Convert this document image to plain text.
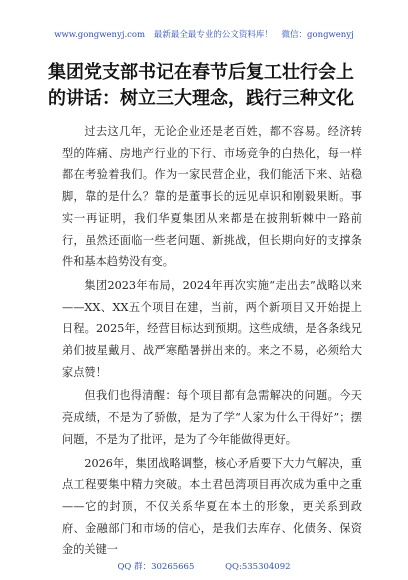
www.gongwenyj.com 最新最全最专业的公文资料库！ 微信：gongwenyj
集团党支部书记在春节后复工壮行会上的讲话：树立三大理念，践行三种文化

过去这几年，无论企业还是老百姓，都不容易。经济转型的阵痛、房地产行业的下行、市场竞争的白热化，每一样都在考验着我们。作为一家民营企业，我们能活下来、站稳脚，靠的是什么？靠的是董事长的远见卓识和刚毅果断。事实一再证明，我们华夏集团从来都是在披荆斩棘中一路前行，虽然还面临一些老问题、新挑战，但长期向好的支撑条件和基本趋势没有变。

集团2023年布局，2024年再次实施“走出去”战略以来——XX、XX五个项目在建，当前，两个新项目又开始提上日程。2025年，经营目标达到预期。这些成绩，是各条线兄弟们披星戴月、战严寒酷暑拼出来的。来之不易，必须给大家点赞！

但我们也得清醒：每个项目都有急需解决的问题。今天亮成绩，不是为了骄傲，是为了学“人家为什么干得好”；摆问题，不是为了批评，是为了今年能做得更好。

2026年，集团战略调整，核心矛盾要下大力气解决，重点工程要集中精力突破。本土君邑湾项目再次成为重中之重——它的封顶，不仅关系华夏在本土的形象，更关系到政府、金融部门和市场的信心，是我们去库存、化债务、保资金的关键一

QQ 群：30265665	QQ:535304092
